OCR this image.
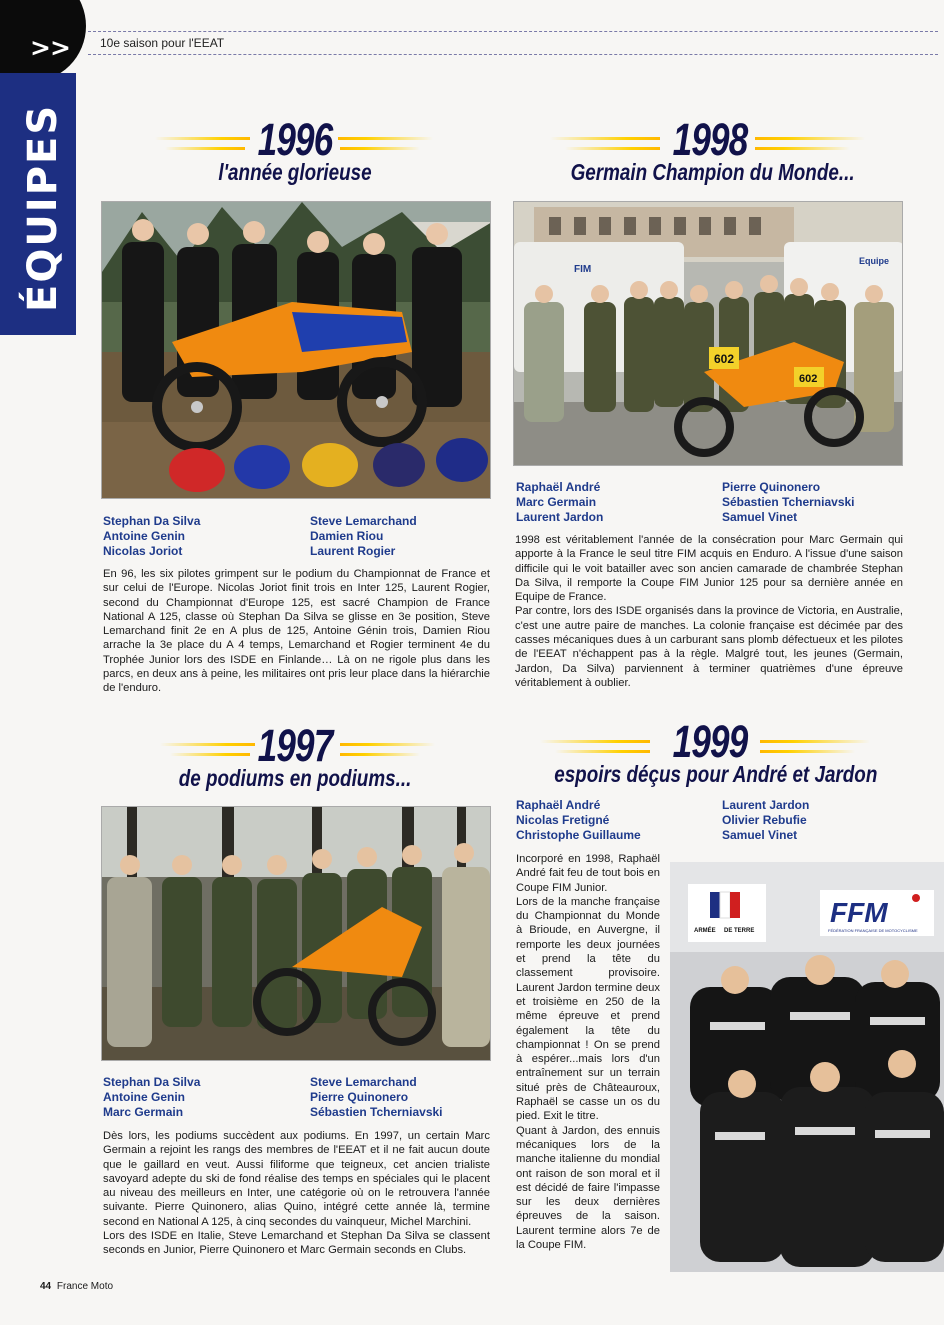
>>
ÉQUIPES
10e saison pour l'EEAT
1996
l'année glorieuse
Stephan Da Silva
Antoine Genin
Nicolas Joriot
Steve Lemarchand
Damien Riou
Laurent Rogier

En 96, les six pilotes grimpent sur le podium du Championnat de France et sur celui de l'Europe. Nicolas Joriot finit trois en Inter 125, Laurent Rogier, second du Championnat d'Europe 125, est sacré Champion de France National A 125, classe où Stephan Da Silva se glisse en 3e position, Steve Lemarchand finit 2e en A plus de 125, Antoine Génin trois, Damien Riou arrache la 3e place du A 4 temps, Lemarchand et Rogier terminent 4e du Trophée Junior lors des ISDE en Finlande… Là on ne rigole plus dans les parcs, en deux ans à peine, les militaires ont pris leur place dans la hiérarchie de l'enduro.

1998
Germain Champion du Monde...
FIM
Equipe
602
602
Raphaël André
Marc Germain
Laurent Jardon
Pierre Quinonero
Sébastien Tcherniavski
Samuel Vinet

1998 est véritablement l'année de la consécration pour Marc Germain qui apporte à la France le seul titre FIM acquis en Enduro. A l'issue d'une saison difficile qui le voit batailler avec son ancien camarade de chambrée Stephan Da Silva, il remporte la Coupe FIM Junior 125 pour sa dernière année en Equipe de France.

Par contre, lors des ISDE organisés dans la province de Victoria, en Australie, c'est une autre paire de manches. La colonie française est décimée par des casses mécaniques dues à un carburant sans plomb défectueux et les pilotes de l'EEAT n'échappent pas à la règle. Malgré tout, les jeunes (Germain, Jardon, Da Silva) parviennent à terminer quatrièmes d'une épreuve véritablement à oublier.

1997
de podiums en podiums...
Stephan Da Silva
Antoine Genin
Marc Germain
Steve Lemarchand
Pierre Quinonero
Sébastien Tcherniavski

Dès lors, les podiums succèdent aux podiums. En 1997, un certain Marc Germain a rejoint les rangs des membres de l'EEAT et il ne fait aucun doute que le gaillard en veut. Aussi filiforme que teigneux, cet ancien trialiste savoyard adepte du ski de fond réalise des temps en spéciales qui le placent au niveau des meilleurs en Inter, une catégorie où on le retrouvera l'année suivante. Pierre Quinonero, alias Quino, intégré cette année là, termine second en National A 125, à cinq secondes du vainqueur, Michel Marchini.

Lors des ISDE en Italie, Steve Lemarchand et Stephan Da Silva se classent seconds en Junior, Pierre Quinonero et Marc Germain seconds en Clubs.

1999
espoirs déçus pour André et Jardon
Raphaël André
Nicolas Fretigné
Christophe Guillaume
Laurent Jardon
Olivier Rebufie
Samuel Vinet

Incorporé en 1998, Raphaël André fait feu de tout bois en Coupe FIM Junior.

Lors de la manche française du Championnat du Monde à Brioude, en Auvergne, il remporte les deux journées et prend la tête du classement provisoire. Laurent Jardon termine deux et troisième en 250 de la même épreuve et prend également la tête du championnat ! On se prend à espérer...mais lors d'un entraînement sur un terrain situé près de Châteauroux, Raphaël se casse un os du pied. Exit le titre.

Quant à Jardon, des ennuis mécaniques lors de la manche italienne du mondial ont raison de son moral et il est décidé de faire l'impasse sur les deux dernières épreuves de la saison. Laurent termine alors 7e de la Coupe FIM.

ARMÉE DE TERRE
FFM
FÉDÉRATION FRANÇAISE DE MOTOCYCLISME
44 France Moto
